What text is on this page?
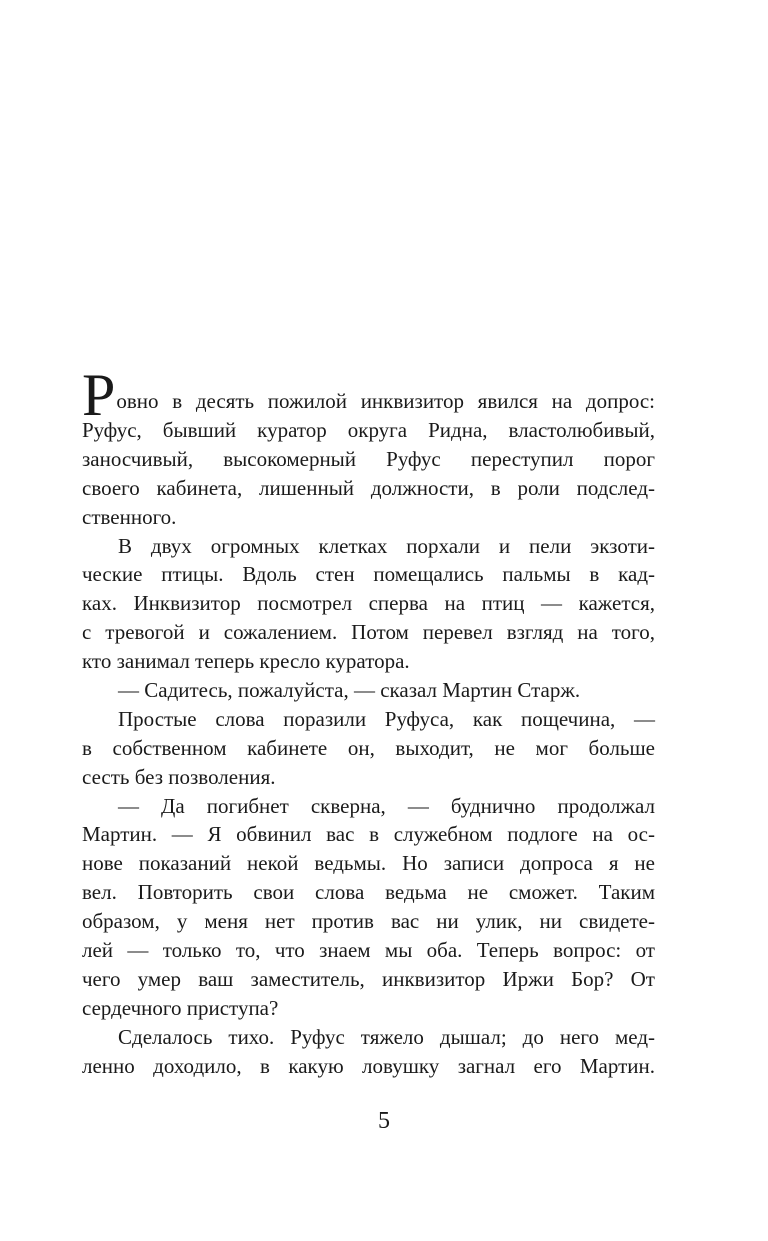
Р овно в десять пожилой инквизитор явился на допрос:
Руфус, бывший куратор округа Ридна, властолюбивый,
заносчивый, высокомерный Руфус переступил порог
своего кабинета, лишенный должности, в роли подслед-
ственного.
В двух огромных клетках порхали и пели экзоти-
ческие птицы. Вдоль стен помещались пальмы в кад-
ках. Инквизитор посмотрел сперва на птиц — кажется,
с тревогой и сожалением. Потом перевел взгляд на того,
кто занимал теперь кресло куратора.
— Садитесь, пожалуйста, — сказал Мартин Старж.
Простые слова поразили Руфуса, как пощечина, —
в собственном кабинете он, выходит, не мог больше
сесть без позволения.
— Да погибнет скверна, — буднично продолжал
Мартин. — Я обвинил вас в служебном подлоге на ос-
нове показаний некой ведьмы. Но записи допроса я не
вел. Повторить свои слова ведьма не сможет. Таким
образом, у меня нет против вас ни улик, ни свидете-
лей — только то, что знаем мы оба. Теперь вопрос: от
чего умер ваш заместитель, инквизитор Иржи Бор? От
сердечного приступа?
Сделалось тихо. Руфус тяжело дышал; до него мед-
ленно доходило, в какую ловушку загнал его Мартин.
5
